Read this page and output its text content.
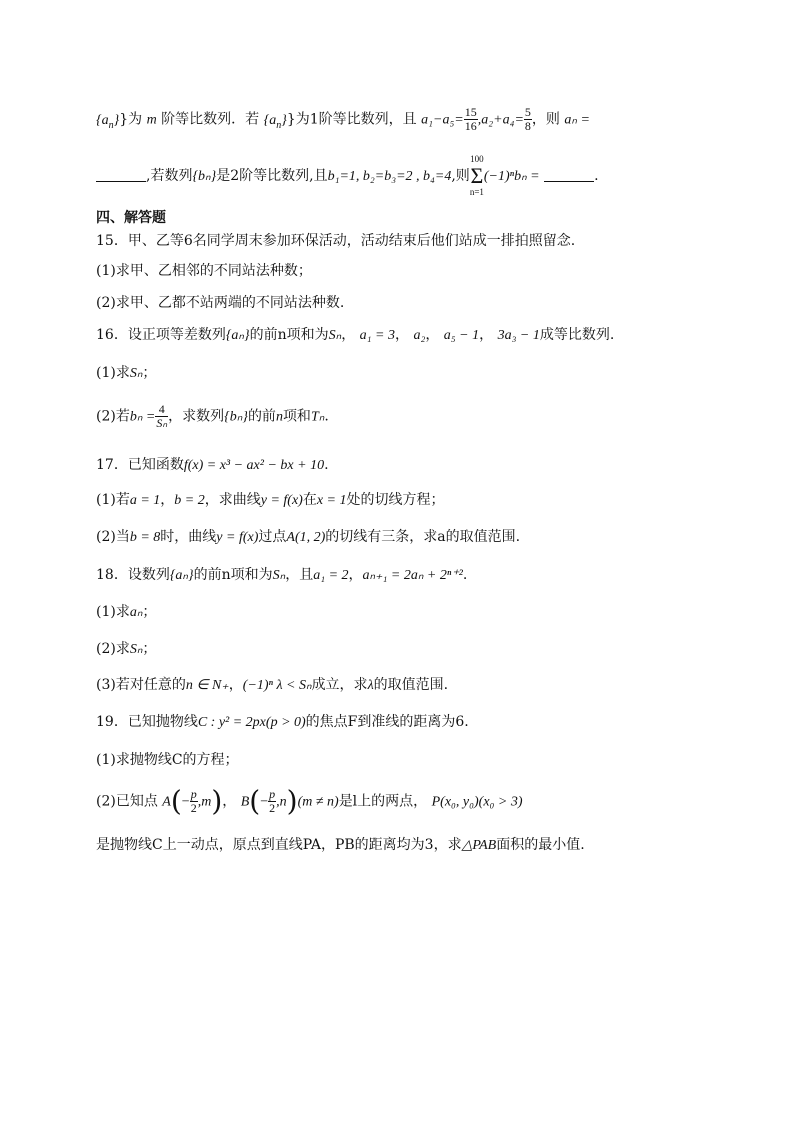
$\{a_n\}$}为 m 阶等比数列．若 $\{a_n\}$}为1阶等比数列，且 $a_1-a_5= \frac{15}{16} ,a_2+a_4= \frac{5}{8}$ ，则 aₙ =
,若数列{bₙ}是2阶等比数列,且b₁=1, b₂=b₃=2 , b₄=4,则
100
Σ
n=1
(−1)ⁿbₙ =	.
四、解答题
15．甲、乙等6名同学周末参加环保活动，活动结束后他们站成一排拍照留念.
(1)求甲、乙相邻的不同站法种数；
(2)求甲、乙都不站两端的不同站法种数.
16．设正项等差数列{aₙ}的前n项和为Sₙ， a₁ = 3， a₂， a₅ − 1， 3a₃ − 1成等比数列.
(1)求Sₙ；
(2)若$b_n = \frac{4}{\text{Sₙ}}$ ，求数列{bₙ}的前n项和Tₙ.
17．已知函数f(x) = x³ − ax² − bx + 10.
(1)若a = 1，b = 2，求曲线y = f(x)在x = 1处的切线方程；
(2)当b = 8时，曲线y = f(x)过点A(1, 2)的切线有三条，求a的取值范围.
18．设数列{aₙ}的前n项和为Sₙ，且a₁ = 2，aₙ₊₁ = 2aₙ + 2ⁿ⁺².
(1)求aₙ；
(2)求Sₙ；
(3)若对任意的n ∈ N₊，(−1)ⁿ λ < Sₙ成立，求λ的取值范围.
19．已知抛物线C : y² = 2px(p > 0)的焦点F到准线的距离为6.
(1)求抛物线C的方程；
(2)已知点 $A(- \frac{p}{2} ,m)$， $B(- \frac{p}{2} ,n)(m \ne n)$是l上的两点， P(x₀, y₀)(x₀ > 3)
是抛物线C上一动点，原点到直线PA，PB的距离均为3，求△PAB面积的最小值.
